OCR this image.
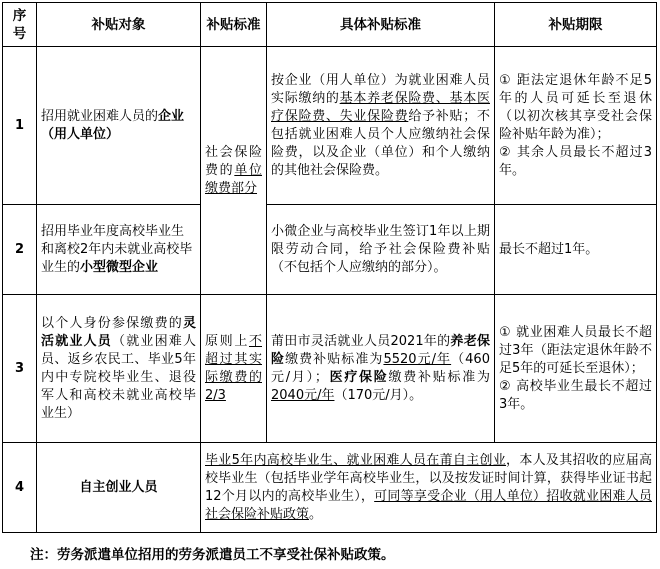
序号	补贴对象	补贴标准	具体补贴标准	补贴期限
1	招用就业困难人员的企业（用人单位）	社会保险费的单位缴费部分	按企业（用人单位）为就业困难人员实际缴纳的基本养老保险费、基本医疗保险费、失业保险费给予补贴；不包括就业困难人员个人应缴纳社会保险费，以及企业（单位）和个人缴纳的其他社会保险费。	① 距法定退休年龄不足5年的人员可延长至退休（以初次核其享受社会保险补贴年龄为准）；
② 其余人员最长不超过3年。

2	招用毕业年度高校毕业生和离校2年内未就业高校毕业生的小型微型企业		小微企业与高校毕业生签订1年以上期限劳动合同，给予社会保险费补贴（不包括个人应缴纳的部分）。	最长不超过1年。
3	以个人身份参保缴费的灵活就业人员（就业困难人员、返乡农民工、毕业5年内中专院校毕业生、退役军人和高校未就业高校毕业生）	原则上不超过其实际缴费的2/3	莆田市灵活就业人员2021年的养老保险缴费补贴标准为5520元/年（460元/月）；医疗保险缴费补贴标准为2040元/年（170元/月）。	① 就业困难人员最长不超过3年（距法定退休年龄不足5年的可延长至退休）；
② 高校毕业生最长不超过3年。

4	自主创业人员	毕业5年内高校毕业生、就业困难人员在莆自主创业，本人及其招收的应届高校毕业生（包括毕业学年高校毕业生，以及按发证时间计算，获得毕业证书起12个月以内的高校毕业生），可同等享受企业（用人单位）招收就业困难人员社会保险补贴政策。		
注：劳务派遣单位招用的劳务派遣员工不享受社保补贴政策。
